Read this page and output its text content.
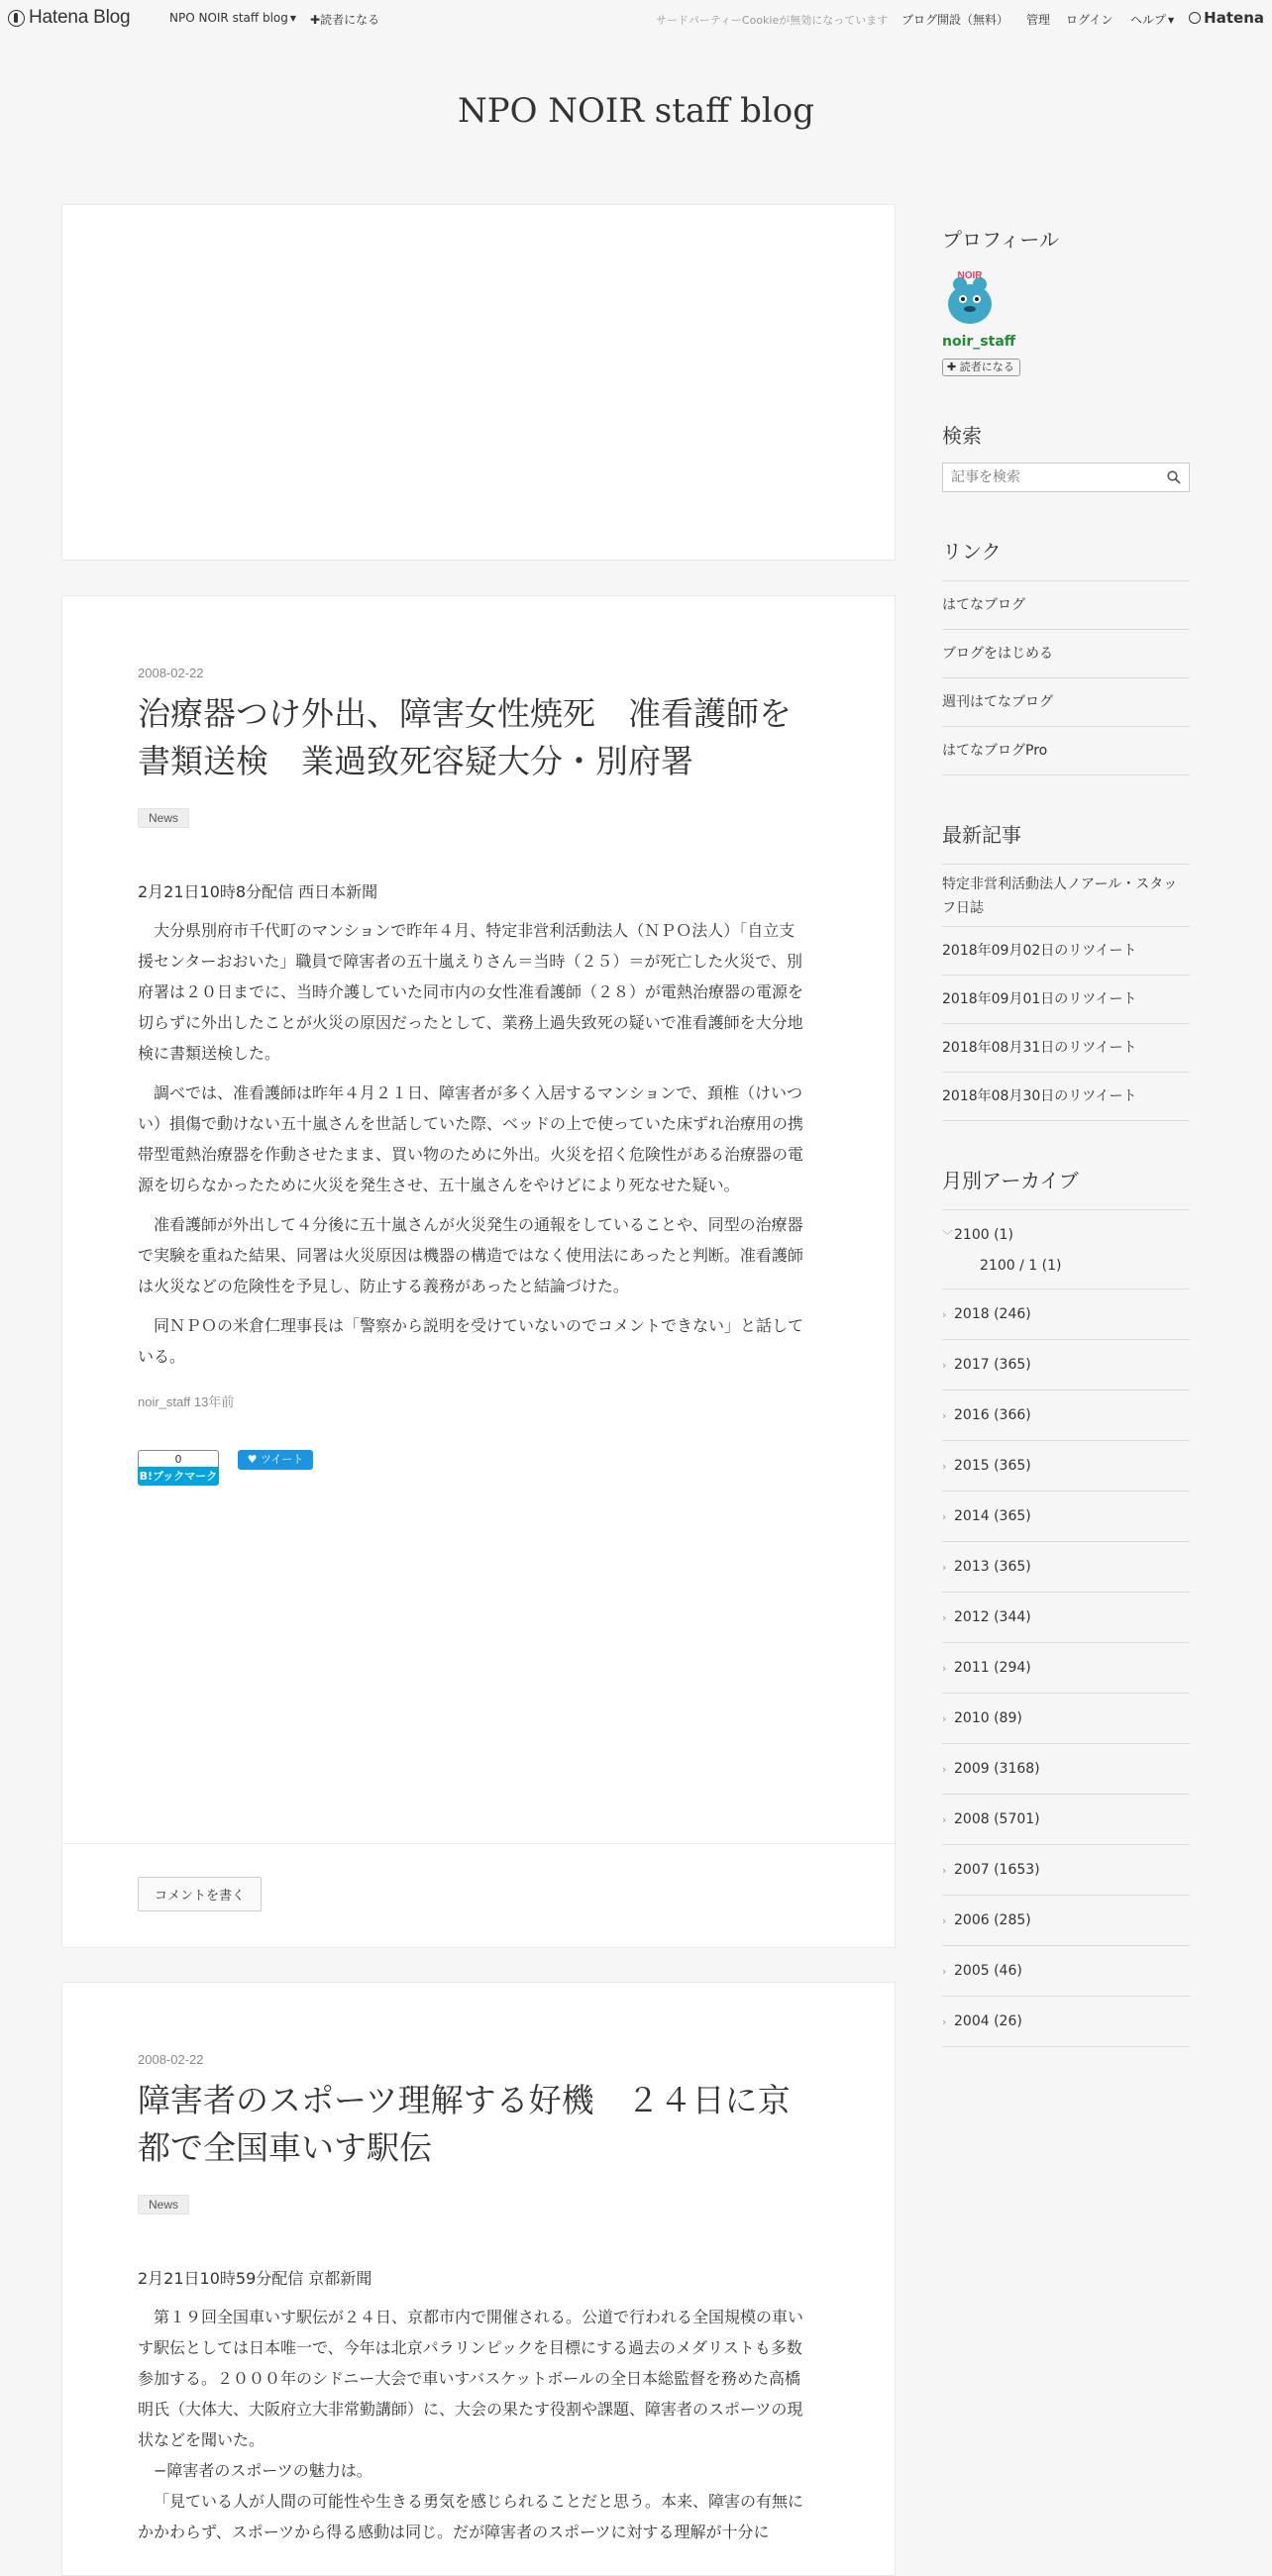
Hatena Blog	NPO NOIR staff blog ▼ ✚読者になる	サードパーティーCookieが無効になっています ブログ開設（無料） 管理 ログイン ヘルプ ▼ Hatena
NPO NOIR staff blog
2008-02-22
治療器つけ外出、障害女性焼死　准看護師を書類送検　業過致死容疑大分・別府署
News
2月21日10時8分配信 西日本新聞

大分県別府市千代町のマンションで昨年４月、特定非営利活動法人（ＮＰＯ法人）「自立支援センターおおいた」職員で障害者の五十嵐えりさん＝当時（２５）＝が死亡した火災で、別府署は２０日までに、当時介護していた同市内の女性准看護師（２８）が電熱治療器の電源を切らずに外出したことが火災の原因だったとして、業務上過失致死の疑いで准看護師を大分地検に書類送検した。

調べでは、准看護師は昨年４月２１日、障害者が多く入居するマンションで、頚椎（けいつい）損傷で動けない五十嵐さんを世話していた際、ベッドの上で使っていた床ずれ治療用の携帯型電熱治療器を作動させたまま、買い物のために外出。火災を招く危険性がある治療器の電源を切らなかったために火災を発生させ、五十嵐さんをやけどにより死なせた疑い。

准看護師が外出して４分後に五十嵐さんが火災発生の通報をしていることや、同型の治療器で実験を重ねた結果、同署は火災原因は機器の構造ではなく使用法にあったと判断。准看護師は火災などの危険性を予見し、防止する義務があったと結論づけた。

同ＮＰＯの米倉仁理事長は「警察から説明を受けていないのでコメントできない」と話している。

noir_staff 13年前
0
B!ブックマーク
♥ ツイート
コメントを書く
2008-02-22
障害者のスポーツ理解する好機　２４日に京都で全国車いす駅伝
News
2月21日10時59分配信 京都新聞

第１９回全国車いす駅伝が２４日、京都市内で開催される。公道で行われる全国規模の車いす駅伝としては日本唯一で、今年は北京パラリンピックを目標にする過去のメダリストも多数参加する。２０００年のシドニー大会で車いすバスケットボールの全日本総監督を務めた高橋明氏（大体大、大阪府立大非常勤講師）に、大会の果たす役割や課題、障害者のスポーツの現状などを聞いた。

−障害者のスポーツの魅力は。

「見ている人が人間の可能性や生きる勇気を感じられることだと思う。本来、障害の有無にかかわらず、スポーツから得る感動は同じ。だが障害者のスポーツに対する理解が十分に

プロフィール
NOIR
noir_staff
✚ 読者になる
検索
記事を検索
リンク
はてなブログ
ブログをはじめる
週刊はてなブログ
はてなブログPro
最新記事
特定非営利活動法人ノアール・スタッフ日誌
2018年09月02日のリツイート
2018年09月01日のリツイート
2018年08月31日のリツイート
2018年08月30日のリツイート
月別アーカイブ
﹀2100 (1)
2100 / 1 (1)
› 2018 (246)
› 2017 (365)
› 2016 (366)
› 2015 (365)
› 2014 (365)
› 2013 (365)
› 2012 (344)
› 2011 (294)
› 2010 (89)
› 2009 (3168)
› 2008 (5701)
› 2007 (1653)
› 2006 (285)
› 2005 (46)
› 2004 (26)
